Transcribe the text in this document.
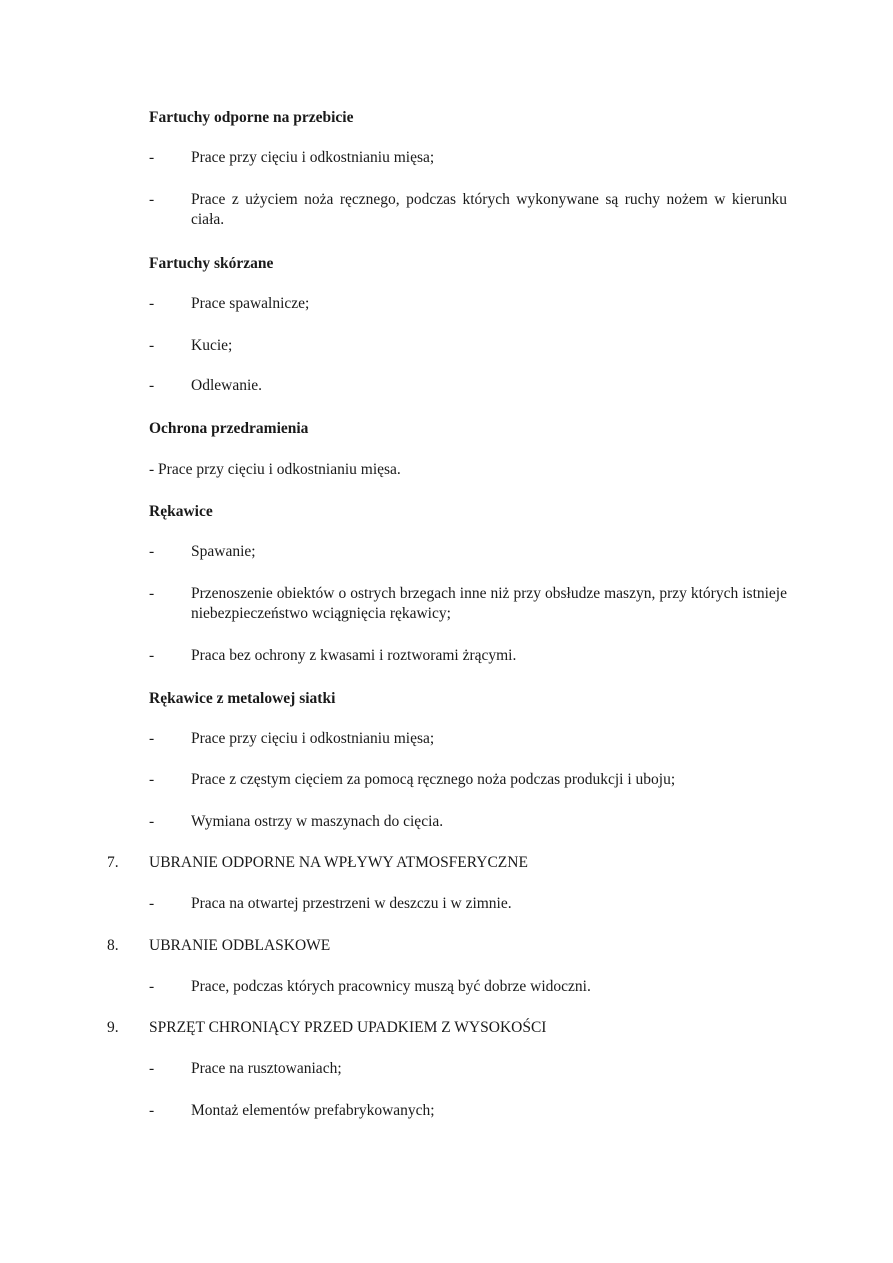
Fartuchy odporne na przebicie
- Prace przy cięciu i odkostnianiu mięsa;
- Prace z użyciem noża ręcznego, podczas których wykonywane są ruchy nożem w kierunku ciała.
Fartuchy skórzane
- Prace spawalnicze;
- Kucie;
- Odlewanie.
Ochrona przedramienia
- Prace przy cięciu i odkostnianiu mięsa.
Rękawice
- Spawanie;
- Przenoszenie obiektów o ostrych brzegach inne niż przy obsłudze maszyn, przy których istnieje niebezpieczeństwo wciągnięcia rękawicy;
- Praca bez ochrony z kwasami i roztworami żrącymi.
Rękawice z metalowej siatki
- Prace przy cięciu i odkostnianiu mięsa;
- Prace z częstym cięciem za pomocą ręcznego noża podczas produkcji i uboju;
- Wymiana ostrzy w maszynach do cięcia.
7. UBRANIE ODPORNE NA WPŁYWY ATMOSFERYCZNE
- Praca na otwartej przestrzeni w deszczu i w zimnie.
8. UBRANIE ODBLASKOWE
- Prace, podczas których pracownicy muszą być dobrze widoczni.
9. SPRZĘT CHRONIĄCY PRZED UPADKIEM Z WYSOKOŚCI
- Prace na rusztowaniach;
- Montaż elementów prefabrykowanych;
